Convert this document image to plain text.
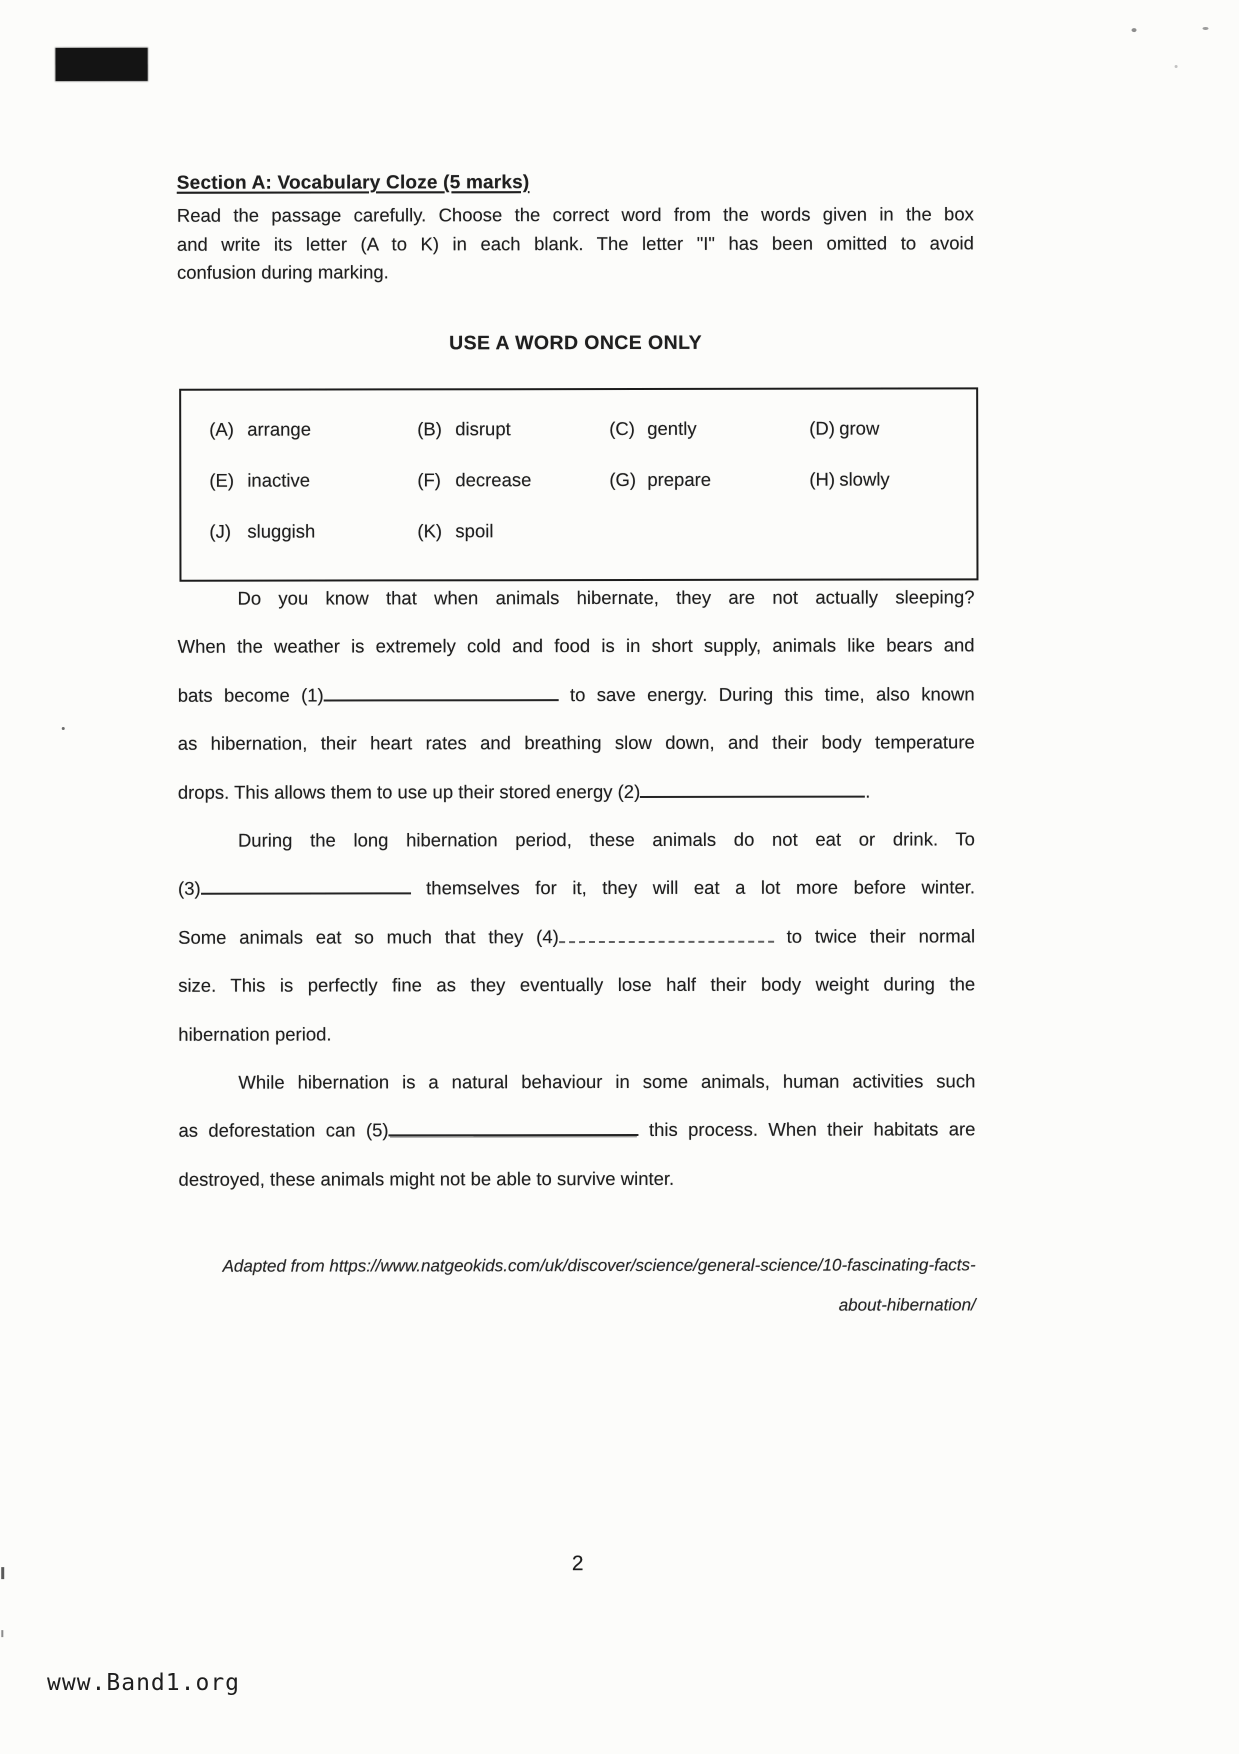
Section A: Vocabulary Cloze (5 marks)
Read the passage carefully. Choose the correct word from the words given in the box
and write its letter (A to K) in each blank. The letter "I" has been omitted to avoid
confusion during marking.
USE A WORD ONCE ONLY
(A) arrange	(B) disrupt	(C) gently	(D) grow
(E) inactive	(F) decrease	(G) prepare	(H) slowly
(J) sluggish	(K) spoil
Do you know that when animals hibernate, they are not actually sleeping?
When the weather is extremely cold and food is in short supply, animals like bears and
bats become (1)	to save energy. During this time, also known
as hibernation, their heart rates and breathing slow down, and their body temperature
drops. This allows them to use up their stored energy (2)	.
During the long hibernation period, these animals do not eat or drink. To
(3)	themselves for it, they will eat a lot more before winter.
Some animals eat so much that they (4)	to twice their normal
size. This is perfectly fine as they eventually lose half their body weight during the
hibernation period.
While hibernation is a natural behaviour in some animals, human activities such
as deforestation can (5)	this process. When their habitats are
destroyed, these animals might not be able to survive winter.
Adapted from https://www.natgeokids.com/uk/discover/science/general-science/10-fascinating-facts-
about-hibernation/
2
www.Band1.org
